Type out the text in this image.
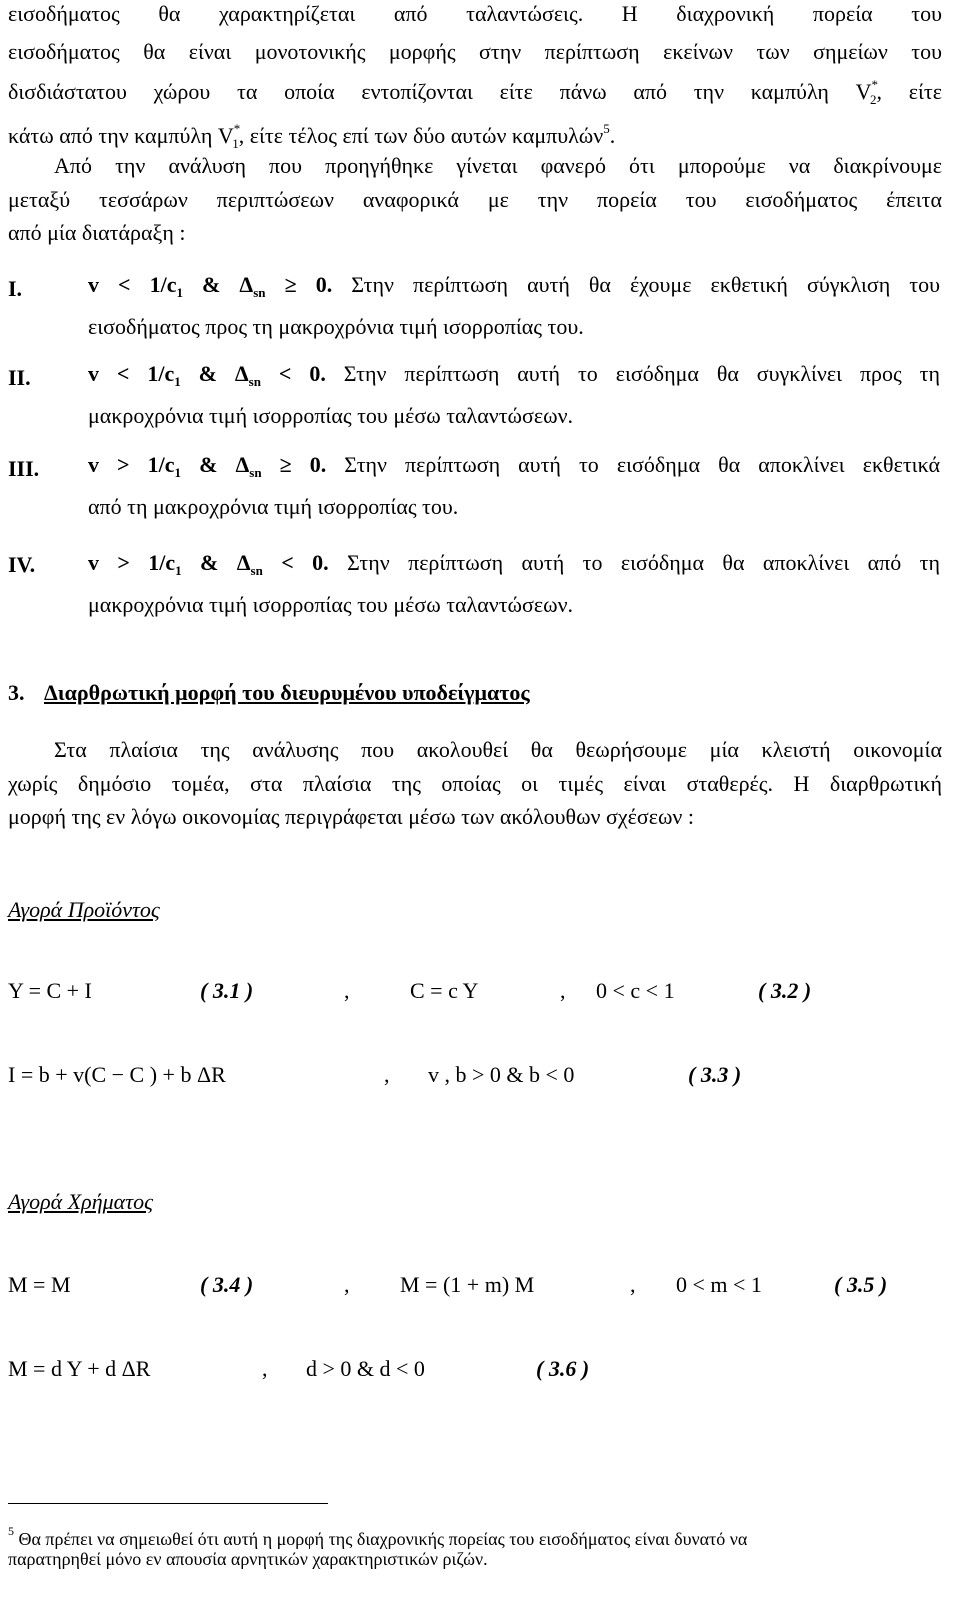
εισοδήματος θα χαρακτηρίζεται από ταλαντώσεις. Η διαχρονική πορεία του
εισοδήματος θα είναι μονοτονικής μορφής στην περίπτωση εκείνων των σημείων του
δισδιάστατου χώρου τα οποία εντοπίζονται είτε πάνω από την καμπύλη $V^*_2$, είτε
κάτω από την καμπύλη $V^*_1$, είτε τέλος επί των δύο αυτών καμπυλών$^5$.
Από την ανάλυση που προηγήθηκε γίνεται φανερό ότι μπορούμε να διακρίνουμε
μεταξύ τεσσάρων περιπτώσεων αναφορικά με την πορεία του εισοδήματος έπειτα
από μία διατάραξη :
I.	$v < 1/c_1$ & $\Delta_{sn} \ge 0$. Στην περίπτωση αυτή θα έχουμε εκθετική σύγκλιση του
εισοδήματος προς τη μακροχρόνια τιμή ισορροπίας του.
II.	$v < 1/c_1$ & $\Delta_{sn} < 0$. Στην περίπτωση αυτή το εισόδημα θα συγκλίνει προς τη
μακροχρόνια τιμή ισορροπίας του μέσω ταλαντώσεων.
III. $v > 1/c_1$ & $\Delta_{sn} \ge 0$. Στην περίπτωση αυτή το εισόδημα θα αποκλίνει εκθετικά
από τη μακροχρόνια τιμή ισορροπίας του.
IV. $v > 1/c_1$ & $\Delta_{sn} < 0$. Στην περίπτωση αυτή το εισόδημα θα αποκλίνει από τη
μακροχρόνια τιμή ισορροπίας του μέσω ταλαντώσεων.
3. Διαρθρωτική μορφή του διευρυμένου υποδείγματος
Στα πλαίσια της ανάλυσης που ακολουθεί θα θεωρήσουμε μία κλειστή οικονομία
χωρίς δημόσιο τομέα, στα πλαίσια της οποίας οι τιμές είναι σταθερές. Η διαρθρωτική
μορφή της εν λόγω οικονομίας περιγράφεται μέσω των ακόλουθων σχέσεων :
Αγορά Προϊόντος
Y = C + I	( 3.1 )	,	C = c Y	, 0 < c < 1	( 3.2 )
I = b + v(C − C ) + b ΔR	, v , b > 0 & b < 0	( 3.3 )
Αγορά Χρήματος
M = M	( 3.4 )	, M = (1 + m) M	, 0 < m < 1	( 3.5 )
M = d Y + d ΔR	, d > 0 & d < 0	( 3.6 )
$^5$ Θα πρέπει να σημειωθεί ότι αυτή η μορφή της διαχρονικής πορείας του εισοδήματος είναι δυνατό να
παρατηρηθεί μόνο εν απουσία αρνητικών χαρακτηριστικών ριζών.
